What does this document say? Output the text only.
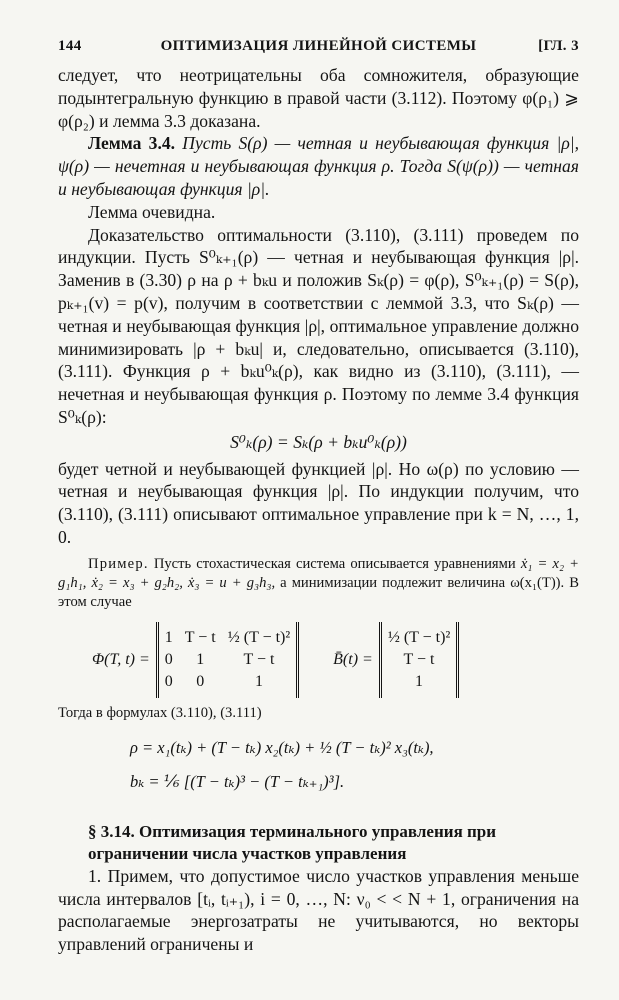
144	ОПТИМИЗАЦИЯ ЛИНЕЙНОЙ СИСТЕМЫ	[ГЛ. 3

следует, что неотрицательны оба сомножителя, образующие подынтегральную функцию в правой части (3.112). Поэтому φ(ρ₁) ⩾ φ(ρ₂) и лемма 3.3 доказана.

Лемма 3.4. Пусть S(ρ) — четная и неубывающая функция |ρ|, ψ(ρ) — нечетная и неубывающая функция ρ. Тогда S(ψ(ρ)) — четная и неубывающая функция |ρ|.

Лемма очевидна.

Доказательство оптимальности (3.110), (3.111) проведем по индукции. Пусть S⁰ₖ₊₁(ρ) — четная и неубывающая функция |ρ|. Заменив в (3.30) ρ на ρ + bₖu и положив Sₖ(ρ) = φ(ρ), S⁰ₖ₊₁(ρ) = S(ρ), pₖ₊₁(v) = p(v), получим в соответствии с леммой 3.3, что Sₖ(ρ) — четная и неубывающая функция |ρ|, оптимальное управление должно минимизировать |ρ + bₖu| и, следовательно, описывается (3.110), (3.111). Функция ρ + bₖu⁰ₖ(ρ), как видно из (3.110), (3.111), — нечетная и неубывающая функция ρ. Поэтому по лемме 3.4 функция S⁰ₖ(ρ):

S⁰ₖ(ρ) = Sₖ(ρ + bₖu⁰ₖ(ρ))

будет четной и неубывающей функцией |ρ|. Но ω(ρ) по условию — четная и неубывающая функция |ρ|. По индукции получим, что (3.110), (3.111) описывают оптимальное управление при k = N, …, 1, 0.

Пример. Пусть стохастическая система описывается уравнениями ẋ₁ = x₂ + g₁h₁, ẋ₂ = x₃ + g₂h₂, ẋ₃ = u + g₃h₃, а минимизации подлежит величина ω(x₁(T)). В этом случае

Φ(T, t) =
1	T − t	½ (T − t)²
0	1	T − t
0	0	1
B̄(t) =
½ (T − t)²
T − t
1

Тогда в формулах (3.110), (3.111)

ρ = x₁(tₖ) + (T − tₖ) x₂(tₖ) + ½ (T − tₖ)² x₃(tₖ),
bₖ = ⅙ [(T − tₖ)³ − (T − tₖ₊₁)³].
§ 3.14. Оптимизация терминального управления при ограничении числа участков управления

1. Примем, что допустимое число участков управления меньше числа интервалов [tᵢ, tᵢ₊₁), i = 0, …, N: ν₀ < < N + 1, ограничения на располагаемые энергозатраты не учитываются, но векторы управлений ограничены и
